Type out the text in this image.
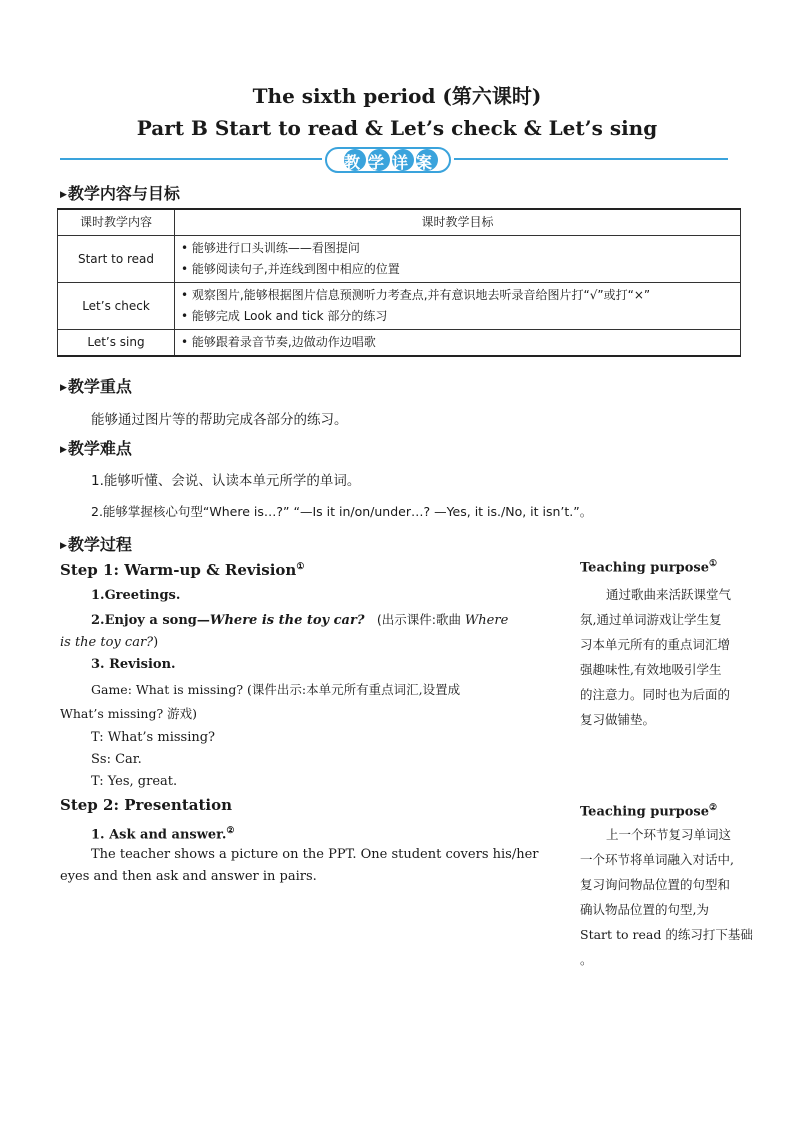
The sixth period (第六课时)
Part B Start to read & Let’s check & Let’s sing
教学详案
▶教学内容与目标
课时教学内容	课时教学目标
Start to read	• 能够进行口头训练——看图提问
• 能够阅读句子,并连线到图中相应的位置

Let’s check	• 观察图片,能够根据图片信息预测听力考查点,并有意识地去听录音给图片打“√”或打“×”
• 能够完成 Look and tick 部分的练习

Let’s sing	• 能够跟着录音节奏,边做动作边唱歌
▶教学重点
能够通过图片等的帮助完成各部分的练习。
▶教学难点
1.能够听懂、会说、认读本单元所学的单词。
2.能够掌握核心句型“Where is…?” “—Is it in/on/under…? —Yes, it is./No, it isn’t.”。
▶教学过程
Step 1: Warm-up & Revision①
1.Greetings.
2.Enjoy a song—Where is the toy car? (出示课件:歌曲 Where
is the toy car?)
3. Revision.
Game: What is missing? (课件出示:本单元所有重点词汇,设置成
What’s missing? 游戏)
T: What’s missing?
Ss: Car.
T: Yes, great.
Step 2: Presentation
1. Ask and answer.②
The teacher shows a picture on the PPT. One student covers his/her
eyes and then ask and answer in pairs.
Teaching purpose①
通过歌曲来活跃课堂气
氛,通过单词游戏让学生复
习本单元所有的重点词汇增
强趣味性,有效地吸引学生
的注意力。同时也为后面的
复习做铺垫。
Teaching purpose②
上一个环节复习单词这
一个环节将单词融入对话中,
复习询问物品位置的句型和
确认物品位置的句型,为
Start to read 的练习打下基础
。
